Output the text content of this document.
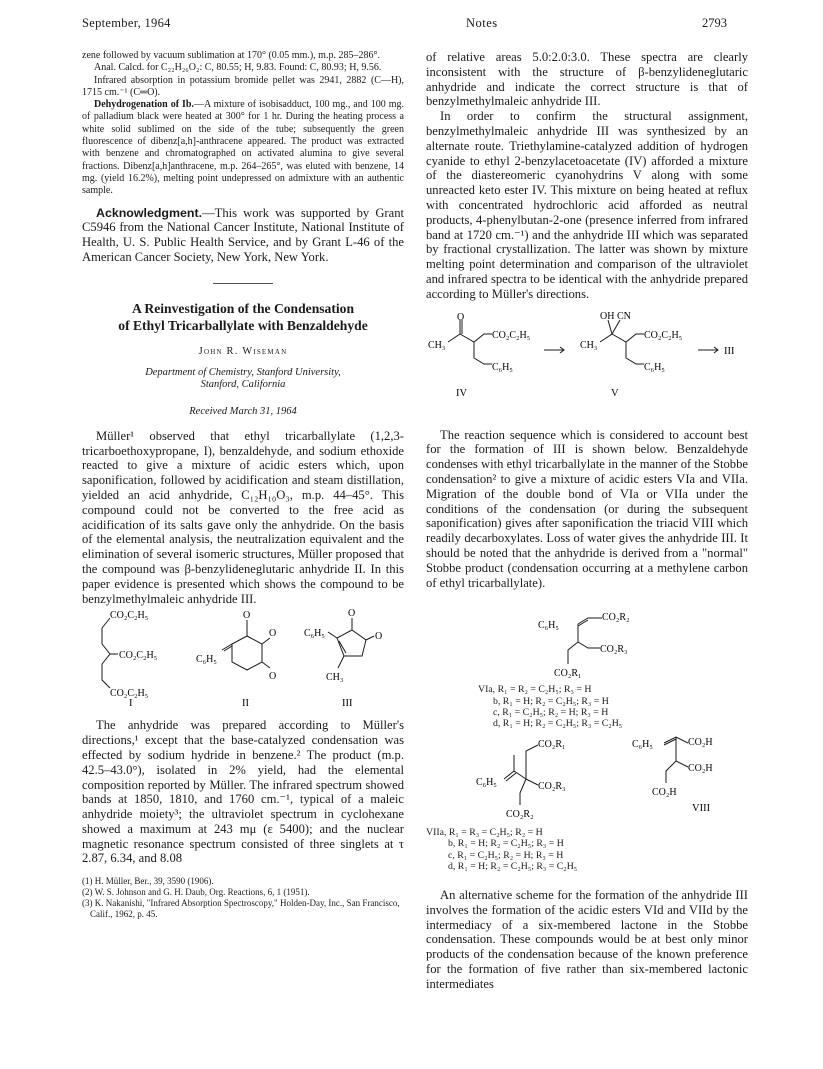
September, 1964	Notes	2793

zene followed by vacuum sublimation at 170° (0.05 mm.), m.p. 285–286°.

Anal. Calcd. for C₂₂H₂₆O₂: C, 80.55; H, 9.83. Found: C, 80.93; H, 9.56.

Infrared absorption in potassium bromide pellet was 2941, 2882 (C—H), 1715 cm.⁻¹ (C═O).

Dehydrogenation of Ib.—A mixture of isobisadduct, 100 mg., and 100 mg. of palladium black were heated at 300° for 1 hr. During the heating process a white solid sublimed on the side of the tube; subsequently the green fluorescence of dibenz[a,h]-anthracene appeared. The product was extracted with benzene and chromatographed on activated alumina to give several fractions. Dibenz[a,h]anthracene, m.p. 264–265°, was eluted with benzene, 14 mg. (yield 16.2%), melting point undepressed on admixture with an authentic sample.

Acknowledgment.—This work was supported by Grant C5946 from the National Cancer Institute, National Institute of Health, U. S. Public Health Service, and by Grant L-46 of the American Cancer Society, New York, New York.

A Reinvestigation of the Condensation
of Ethyl Tricarballylate with Benzaldehyde
John R. Wiseman
Department of Chemistry, Stanford University,
Stanford, California
Received March 31, 1964

Müller¹ observed that ethyl tricarballylate (1,2,3-tricarboethoxypropane, I), benzaldehyde, and sodium ethoxide reacted to give a mixture of acidic esters which, upon saponification, followed by acidification and steam distillation, yielded an acid anhydride, C₁₂H₁₀O₃, m.p. 44–45°. This compound could not be converted to the free acid as acidification of its salts gave only the anhydride. On the basis of the elemental analysis, the neutralization equivalent and the elimination of several isomeric structures, Müller proposed that the compound was β-benzylideneglutaric anhydride II. In this paper evidence is presented which shows the compound to be benzylmethylmaleic anhydride III.

CO₂C₂H₅
CO₂C₂H₅
CO₂C₂H₅
I
O
O
O
C₆H₅
II
O
O
C₆H₅
CH₃
III

The anhydride was prepared according to Müller's directions,¹ except that the base-catalyzed condensation was effected by sodium hydride in benzene.² The product (m.p. 42.5–43.0°), isolated in 2% yield, had the elemental composition reported by Müller. The infrared spectrum showed bands at 1850, 1810, and 1760 cm.⁻¹, typical of a maleic anhydride moiety³; the ultraviolet spectrum in cyclohexane showed a maximum at 243 mμ (ε 5400); and the nuclear magnetic resonance spectrum consisted of three singlets at τ 2.87, 6.34, and 8.08

(1) H. Müller, Ber., 39, 3590 (1906).
(2) W. S. Johnson and G. H. Daub, Org. Reactions, 6, 1 (1951).
(3) K. Nakanishi, "Infrared Absorption Spectroscopy," Holden-Day, Inc., San Francisco, Calif., 1962, p. 45.

of relative areas 5.0:2.0:3.0. These spectra are clearly inconsistent with the structure of β-benzylideneglutaric anhydride and indicate the correct structure is that of benzylmethylmaleic anhydride III.

In order to confirm the structural assignment, benzylmethylmaleic anhydride III was synthesized by an alternate route. Triethylamine-catalyzed addition of hydrogen cyanide to ethyl 2-benzylacetoacetate (IV) afforded a mixture of the diastereomeric cyanohydrins V along with some unreacted keto ester IV. This mixture on being heated at reflux with concentrated hydrochloric acid afforded as neutral products, 4-phenylbutan-2-one (presence inferred from infrared band at 1720 cm.⁻¹) and the anhydride III which was separated by fractional crystallization. The latter was shown by mixture melting point determination and comparison of the ultraviolet and infrared spectra to be identical with the anhydride prepared according to Müller's directions.

O
CH₃
CO₂C₂H₅
C₆H₅
IV
OH CN
CH₃
CO₂C₂H₅
C₆H₅
V
III

The reaction sequence which is considered to account best for the formation of III is shown below. Benzaldehyde condenses with ethyl tricarballylate in the manner of the Stobbe condensation² to give a mixture of acidic esters VIa and VIIa. Migration of the double bond of VIa or VIIa under the conditions of the condensation (or during the subsequent saponification) gives after saponification the triacid VIII which readily decarboxylates. Loss of water gives the anhydride III. It should be noted that the anhydride is derived from a "normal" Stobbe product (condensation occurring at a methylene carbon of ethyl tricarballylate).

C₆H₅
CO₂R₂
CO₂R₃
CO₂R₁
VIa, R₁ = R₂ = C₂H₅; R₃ = H
b, R₁ = H; R₂ = C₂H₅; R₃ = H
c, R₁ = C₂H₅; R₂ = H; R₃ = H
d, R₁ = H; R₂ = C₂H₅; R₃ = C₂H₅
C₆H₅
CO₂R₁
CO₂R₃
CO₂R₂
C₆H₅	CO₂H
CO₂H
CO₂H
VIII
VIIa, R₁ = R₃ = C₂H₅; R₂ = H
b, R₁ = H; R₂ = C₂H₅; R₃ = H
c, R₁ = C₂H₅; R₂ = H; R₃ = H
d, R₁ = H; R₂ = C₂H₅; R₃ = C₂H₅

An alternative scheme for the formation of the anhydride III involves the formation of the acidic esters VId and VIId by the intermediacy of a six-membered lactone in the Stobbe condensation. These compounds would be at best only minor products of the condensation because of the known preference for the formation of five rather than six-membered lactonic intermediates
